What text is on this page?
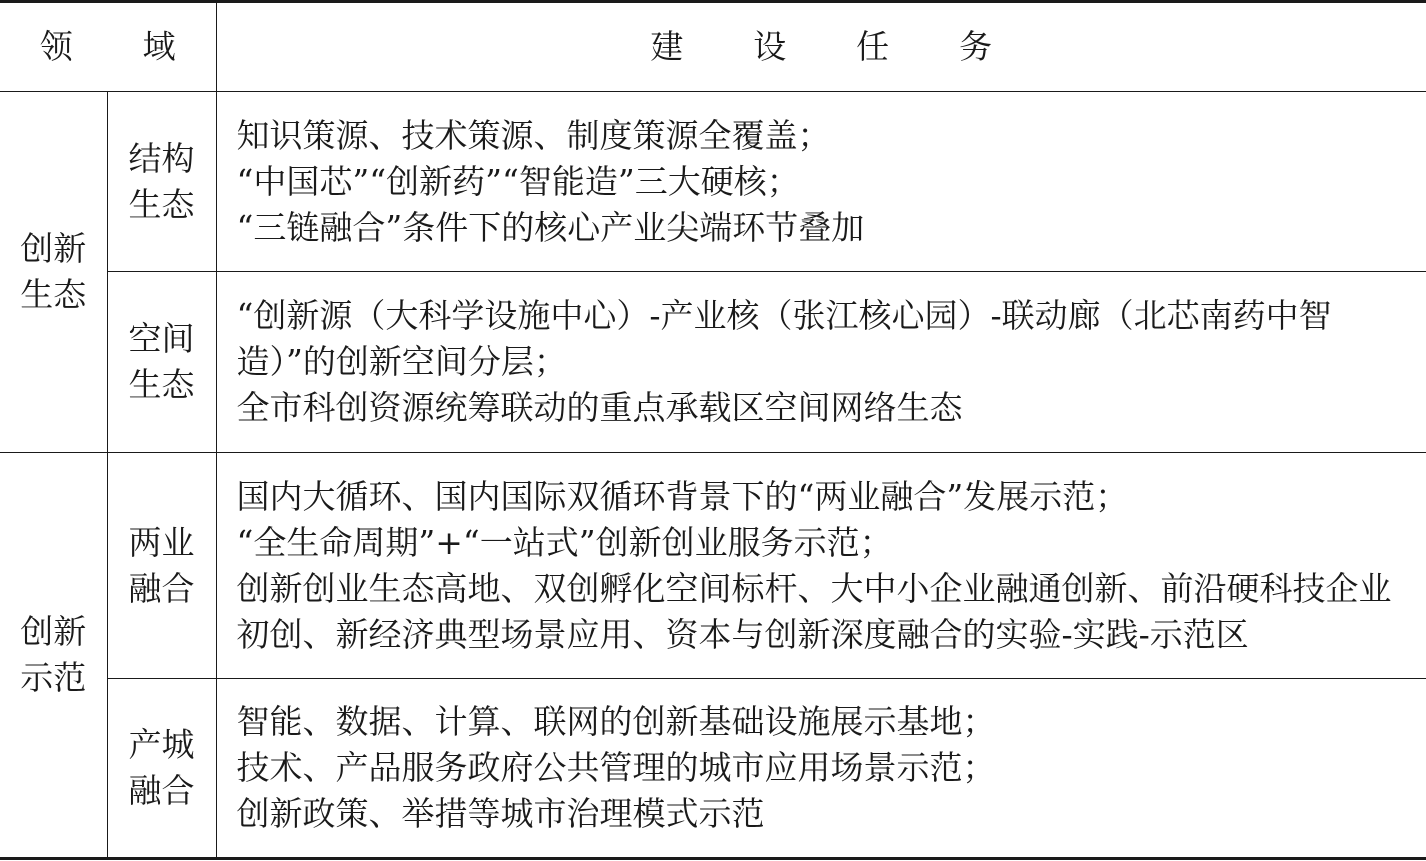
领 域		建 设 任 务
创新生态	结构生态	知识策源、技术策源、制度策源全覆盖；
“中国芯”“创新药”“智能造”三大硬核；
“三链融合”条件下的核心产业尖端环节叠加

	空间生态	“创新源（大科学设施中心）-产业核（张江核心园）-联动廊（北芯南药中智造）”的创新空间分层；
全市科创资源统筹联动的重点承载区空间网络生态

创新示范	两业融合	国内大循环、国内国际双循环背景下的“两业融合”发展示范；
“全生命周期”+“一站式”创新创业服务示范；
创新创业生态高地、双创孵化空间标杆、大中小企业融通创新、前沿硬科技企业初创、新经济典型场景应用、资本与创新深度融合的实验-实践-示范区

	产城融合	智能、数据、计算、联网的创新基础设施展示基地；
技术、产品服务政府公共管理的城市应用场景示范；
创新政策、举措等城市治理模式示范
